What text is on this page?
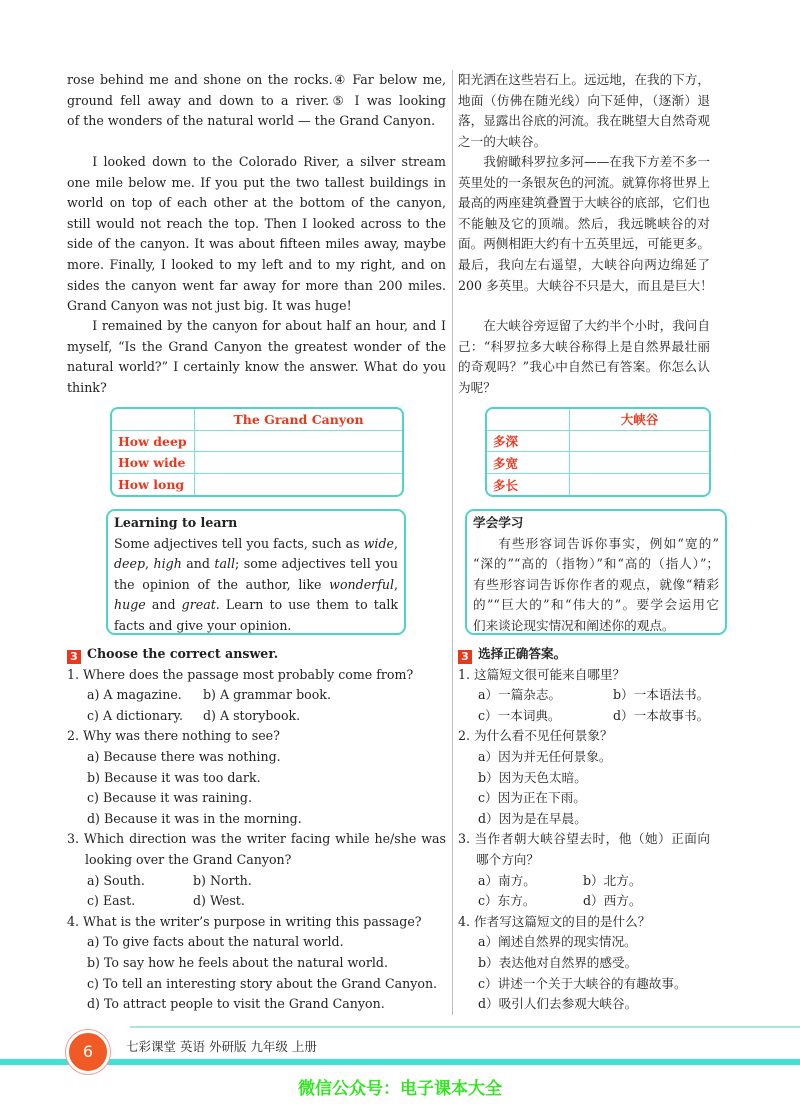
rose behind me and shone on the rocks.④ Far below me,
ground fell away and down to a river.⑤ I was looking
of the wonders of the natural world — the Grand Canyon.
I looked down to the Colorado River, a silver stream
one mile below me. If you put the two tallest buildings in
world on top of each other at the bottom of the canyon,
still would not reach the top. Then I looked across to the
side of the canyon. It was about fifteen miles away, maybe
more. Finally, I looked to my left and to my right, and on
sides the canyon went far away for more than 200 miles.
Grand Canyon was not just big. It was huge!
I remained by the canyon for about half an hour, and I
myself, “Is the Grand Canyon the greatest wonder of the
natural world?” I certainly know the answer. What do you
think?
	The Grand Canyon
How deep	
How wide	
How long	
Learning to learn
Some adjectives tell you facts, such as wide,
deep, high and tall; some adjectives tell you
the opinion of the author, like wonderful,
huge and great. Learn to use them to talk
facts and give your opinion.
3 Choose the correct answer.
1. Where does the passage most probably come from?
a) A magazine. b) A grammar book.
c) A dictionary. d) A storybook.
2. Why was there nothing to see?
a) Because there was nothing.
b) Because it was too dark.
c) Because it was raining.
d) Because it was in the morning.
3. Which direction was the writer facing while he/she was
looking over the Grand Canyon?
a) South.	b) North.
c) East.	d) West.
4. What is the writer’s purpose in writing this passage?
a) To give facts about the natural world.
b) To say how he feels about the natural world.
c) To tell an interesting story about the Grand Canyon.
d) To attract people to visit the Grand Canyon.
阳光洒在这些岩石上。远远地，在我的下方，
地面（仿佛在随光线）向下延伸，（逐渐）退
落，显露出谷底的河流。我在眺望大自然奇观
之一的大峡谷。
我俯瞰科罗拉多河——在我下方差不多一
英里处的一条银灰色的河流。就算你将世界上
最高的两座建筑叠置于大峡谷的底部，它们也
不能触及它的顶端。然后，我远眺峡谷的对
面。两侧相距大约有十五英里远，可能更多。
最后，我向左右遥望，大峡谷向两边绵延了
200 多英里。大峡谷不只是大，而且是巨大！
在大峡谷旁逗留了大约半个小时，我问自
己：“科罗拉多大峡谷称得上是自然界最壮丽
的奇观吗？”我心中自然已有答案。你怎么认
为呢？
	大峡谷
多深	
多宽	
多长	
学会学习
有些形容词告诉你事实，例如“宽的”
“深的”“高的（指物）”和“高的（指人）”；
有些形容词告诉你作者的观点，就像“精彩
的”“巨大的”和“伟大的”。要学会运用它
们来谈论现实情况和阐述你的观点。
3 选择正确答案。
1. 这篇短文很可能来自哪里？
a）一篇杂志。	b）一本语法书。
c）一本词典。	d）一本故事书。
2. 为什么看不见任何景象？
a）因为并无任何景象。
b）因为天色太暗。
c）因为正在下雨。
d）因为是在早晨。
3. 当作者朝大峡谷望去时，他（她）正面向
哪个方向？
a）南方。	b）北方。
c）东方。	d）西方。
4. 作者写这篇短文的目的是什么？
a）阐述自然界的现实情况。
b）表达他对自然界的感受。
c）讲述一个关于大峡谷的有趣故事。
d）吸引人们去参观大峡谷。
6	七彩课堂 英语 外研版 九年级 上册
微信公众号：电子课本大全
